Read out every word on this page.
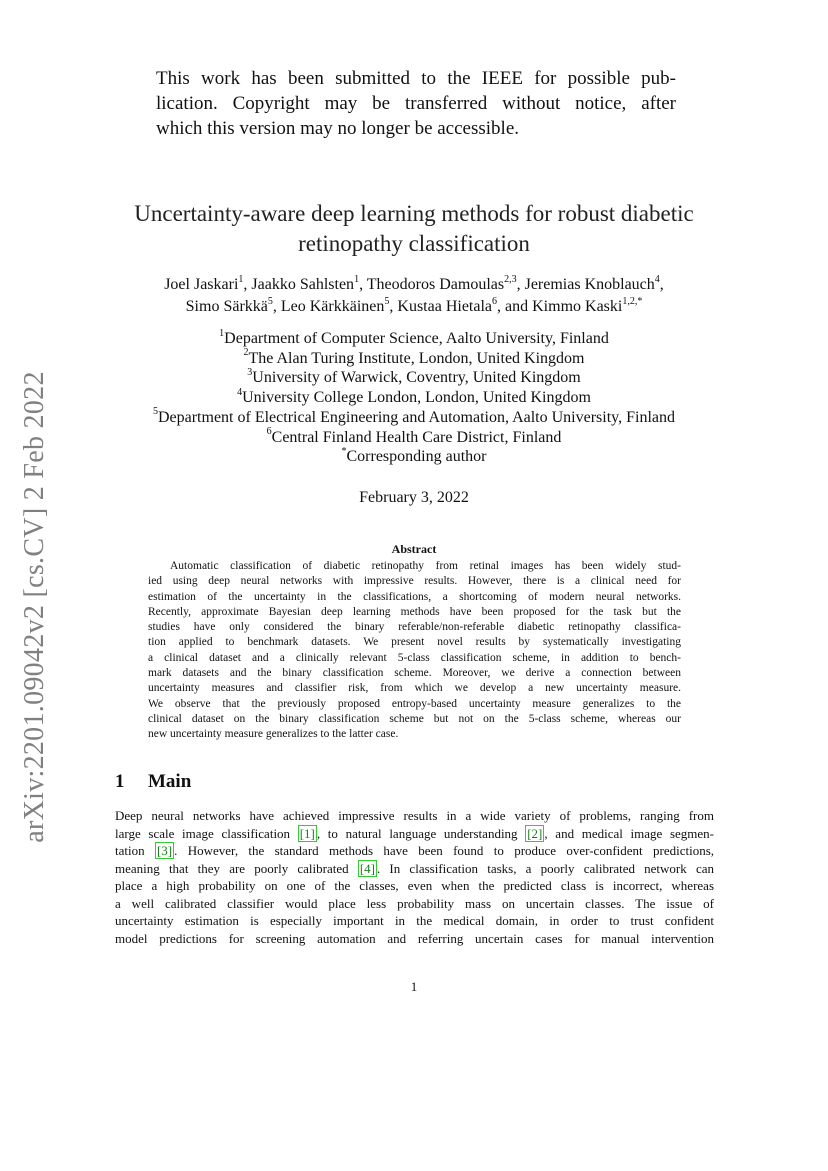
arXiv:2201.09042v2 [cs.CV] 2 Feb 2022
This work has been submitted to the IEEE for possible pub-
lication. Copyright may be transferred without notice, after
which this version may no longer be accessible.
Uncertainty-aware deep learning methods for robust diabetic
retinopathy classification
Joel Jaskari$^1$, Jaakko Sahlsten$^1$, Theodoros Damoulas$^{2,3}$, Jeremias Knoblauch$^4$,
Simo Särkkä$^5$, Leo Kärkkäinen$^5$, Kustaa Hietala$^6$, and Kimmo Kaski$^{1,2,*}$
$^1$Department of Computer Science, Aalto University, Finland
$^2$The Alan Turing Institute, London, United Kingdom
$^3$University of Warwick, Coventry, United Kingdom
$^4$University College London, London, United Kingdom
$^5$Department of Electrical Engineering and Automation, Aalto University, Finland
$^6$Central Finland Health Care District, Finland
*Corresponding author
February 3, 2022
Abstract
Automatic classification of diabetic retinopathy from retinal images has been widely stud-
ied using deep neural networks with impressive results. However, there is a clinical need for
estimation of the uncertainty in the classifications, a shortcoming of modern neural networks.
Recently, approximate Bayesian deep learning methods have been proposed for the task but the
studies have only considered the binary referable/non-referable diabetic retinopathy classifica-
tion applied to benchmark datasets. We present novel results by systematically investigating
a clinical dataset and a clinically relevant 5-class classification scheme, in addition to bench-
mark datasets and the binary classification scheme. Moreover, we derive a connection between
uncertainty measures and classifier risk, from which we develop a new uncertainty measure.
We observe that the previously proposed entropy-based uncertainty measure generalizes to the
clinical dataset on the binary classification scheme but not on the 5-class scheme, whereas our
new uncertainty measure generalizes to the latter case.
1 Main
Deep neural networks have achieved impressive results in a wide variety of problems, ranging from
large scale image classification [1] , to natural language understanding [2] , and medical image segmen-
tation [3] . However, the standard methods have been found to produce over-confident predictions,
meaning that they are poorly calibrated [4] . In classification tasks, a poorly calibrated network can
place a high probability on one of the classes, even when the predicted class is incorrect, whereas
a well calibrated classifier would place less probability mass on uncertain classes. The issue of
uncertainty estimation is especially important in the medical domain, in order to trust confident
model predictions for screening automation and referring uncertain cases for manual intervention
1
